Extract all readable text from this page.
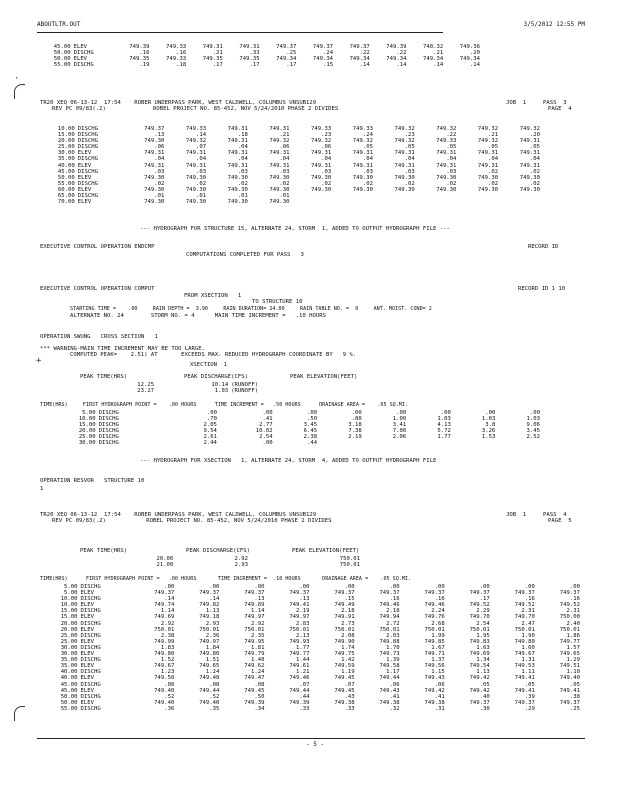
ABOUTLTR.OUT	3/5/2012 12:55 PM
45.00	ELEV	749.39	749.33	749.31	749.31	749.37	749.37	749.37	749.39	748.32	749.36
50.00	DISCHG	.16	.16	.21	.33	.25	.24	.22	.22	.21	.20
50.00	ELEV	749.35	749.33	749.35	749.35	749.34	749.34	749.34	749.34	749.34	749.34
55.00	DISCHG	.19	.18	.17	.17	.17	.15	.14	.14	.14	.14
·
TR20 XEQ 06-13-12  17:54    ROBER UNDERPASS PARK, WEST CALDWELL, COLUMBUS UNSUB129
REV PC 09/83(.2)              ROBEL PROJECT NO. 85-452, NOV 5/24/2010 PHASE 2 DIVIDES
JOB  1     PASS  3
PAGE  4
10.00	DISCHG	749.37	749.33	749.31	749.31	749.33	749.33	749.32	749.32	749.32	749.32
15.00	DISCHG	.13	.14	.18	.21	.23	.24	.23	.22	.21	.20
20.00	DISCHG	749.30	749.32	749.31	749.32	749.32	749.32	749.32	749.33	749.32	749.31
25.00	DISCHG	.06	.07	.04	.06	.06	.05	.05	.05	.05	.05
30.00	ELEV	749.31	749.31	749.31	749.31	749.31	749.31	749.31	749.31	749.31	749.31
35.00	DISCHG	.04	.04	.04	.04	.04	.04	.04	.04	.04	.04
40.00	ELEV	749.31	749.31	749.31	749.31	749.31	749.31	749.31	749.31	749.31	749.31
45.00	DISCHG	.03	.03	.03	.03	.03	.03	.03	.03	.02	.02
50.00	ELEV	749.30	749.30	749.30	749.30	749.30	749.30	749.30	749.30	749.30	749.30
55.00	DISCHG	.02	.02	.02	.02	.02	.02	.02	.02	.02	.02
60.00	ELEV	749.30	749.30	749.30	749.30	749.30	749.30	749.30	749.30	749.30	749.30
65.00	DISCHG	.01	.01	.01	.01						
70.00	ELEV	749.30	749.30	749.30	749.30						
--- HYDROGRAPH FOR STRUCTURE 15, ALTERNATE 24, STORM  1, ADDED TO OUTPUT HYDROGRAPH FILE ---
EXECUTIVE CONTROL OPERATION ENDCMP	RECORD ID
COMPUTATIONS COMPLETED FOR PASS   3
EXECUTIVE CONTROL OPERATION COMPUT	RECORD ID 1 10
FROM XSECTION   1
TO STRUCTURE 10
STARTING TIME =    .00     RAIN DEPTH =  3.90     RAIN DURATION= 24.00     RAIN TABLE NO. =  0     ANT. MOIST. COND= 2
ALTERNATE NO. 24        STORM NO. = 4      MAIN TIME INCREMENT =   .10 HOURS
OPERATION SWUNG   CROSS SECTION   1
*** WARNING-MAIN TIME INCREMENT MAY BE TOO LARGE.
COMPUTED PEAK=    2.51) AT       EXCEEDS MAX. REDUCED HYDROGRAPH COORDINATE BY   9 %.
+	XSECTION  1
PEAK TIME(HRS)	PEAK DISCHARGE(CFS)	PEAK ELEVATION(FEET)
12.25	10.14	(RUNOFF)
23.27	1.03	(RUNOFF)
TIME(HRS)     FIRST HYDROGRAPH POINT =    .00 HOURS      TIME INCREMENT =   .50 HOURS      DRAINAGE AREA =    .05 SQ.MI.
5.00	DISCHG	.00	.00	.00	.00	.00	.00	.00	.00
10.00	DISCHG	.70	.41	.50	.80	1.00	1.03	1.03	1.03
15.00	DISCHG	2.05	2.77	3.45	3.18	3.41	4.13	3.8	9.06
20.00	DISCHG	9.54	10.02	6.45	7.38	7.00	5.72	3.26	3.45
25.00	DISCHG	2.61	2.54	2.38	2.19	2.06	1.77	1.53	2.52
30.00	DISCHG	2.44	.00	.44					
--- HYDROGRAPH FOR XSECTION   1, ALTERNATE 24, STORM  4, ADDED TO OUTPUT HYDROGRAPH FILE
OPERATION RESVOR   STRUCTURE 10
1
TR20 XEQ 06-13-12  17:54    ROBER UNDERPASS PARK, WEST CALDWELL, COLUMBUS UNSUB129
REV PC 09/83(.2)            ROBEL PROJECT NO. 85-452, NOV 5/24/2010 PHASE 2 DIVIDES
JOB  1     PASS  4
PAGE  5
PEAK TIME(HRS)	PEAK DISCHARGE(CFS)	PEAK ELEVATION(FEET)
20.00	2.92	750.01
21.00	2.93	750.01
TIME(HRS)      FIRST HYDROGRAPH POINT =   .00 HOURS       TIME INCREMENT =  .10 HOURS       DRAINAGE AREA =    .05 SQ.MI.
5.00	DISCHG	.00	.00	.00	.00	.00	.00	.00	.00	.00	.00
5.00	ELEV	749.37	749.37	749.37	749.37	749.37	749.37	749.37	749.37	749.37	749.37
10.00	DISCHG	.14	.14	.13	.13	.15	.16	.16	.17	.16	.16
10.00	ELEV	749.74	749.82	749.89	749.41	749.49	749.46	749.46	749.52	749.52	749.52
15.00	DISCHG	1.14	1.13	1.14	2.19	2.18	2.18	2.24	2.29	2.31	2.31
15.00	ELEV	749.69	749.18	749.97	749.97	749.91	749.94	749.76	749.70	749.70	750.00
20.00	DISCHG	2.92	2.93	2.92	2.83	2.73	2.72	2.68	2.54	2.47	2.40
20.00	ELEV	750.01	750.01	750.01	750.01	750.01	750.01	750.01	750.01	750.01	750.01
25.00	DISCHG	2.38	2.36	2.35	2.13	2.08	2.03	1.99	1.95	1.90	1.86
25.00	ELEV	749.99	749.97	749.95	749.93	749.90	749.88	749.85	749.83	749.80	749.77
30.00	DISCHG	1.83	1.84	1.81	1.77	1.74	1.70	1.67	1.63	1.60	1.57
30.00	ELEV	749.80	749.80	749.79	749.77	749.75	749.73	749.71	749.69	749.67	749.65
35.00	DISCHG	1.52	1.51	1.48	1.44	1.42	1.39	1.37	1.34	1.31	1.29
35.00	ELEV	749.67	749.65	749.62	749.61	749.59	749.58	749.56	749.54	749.53	749.51
40.00	DISCHG	1.23	1.24	1.24	1.21	1.19	1.17	1.15	1.13	1.11	1.10
40.00	ELEV	749.50	749.48	749.47	749.46	749.45	749.44	749.43	749.42	749.41	749.40
45.00	DISCHG	.08	.08	.08	.07	.07	.06	.06	.05	.05	.05
45.00	ELEV	749.40	749.44	749.45	749.44	749.45	749.43	749.42	749.42	749.41	749.41
50.00	DISCHG	.52	.52	.50	.44	.43	.41	.41	.40	.39	.38
50.00	ELEV	749.40	749.40	749.39	749.39	749.38	749.38	749.38	749.37	749.37	749.37
55.00	DISCHG	.36	.35	.34	.33	.33	.32	.31	.30	.29	.25
- 5 -
